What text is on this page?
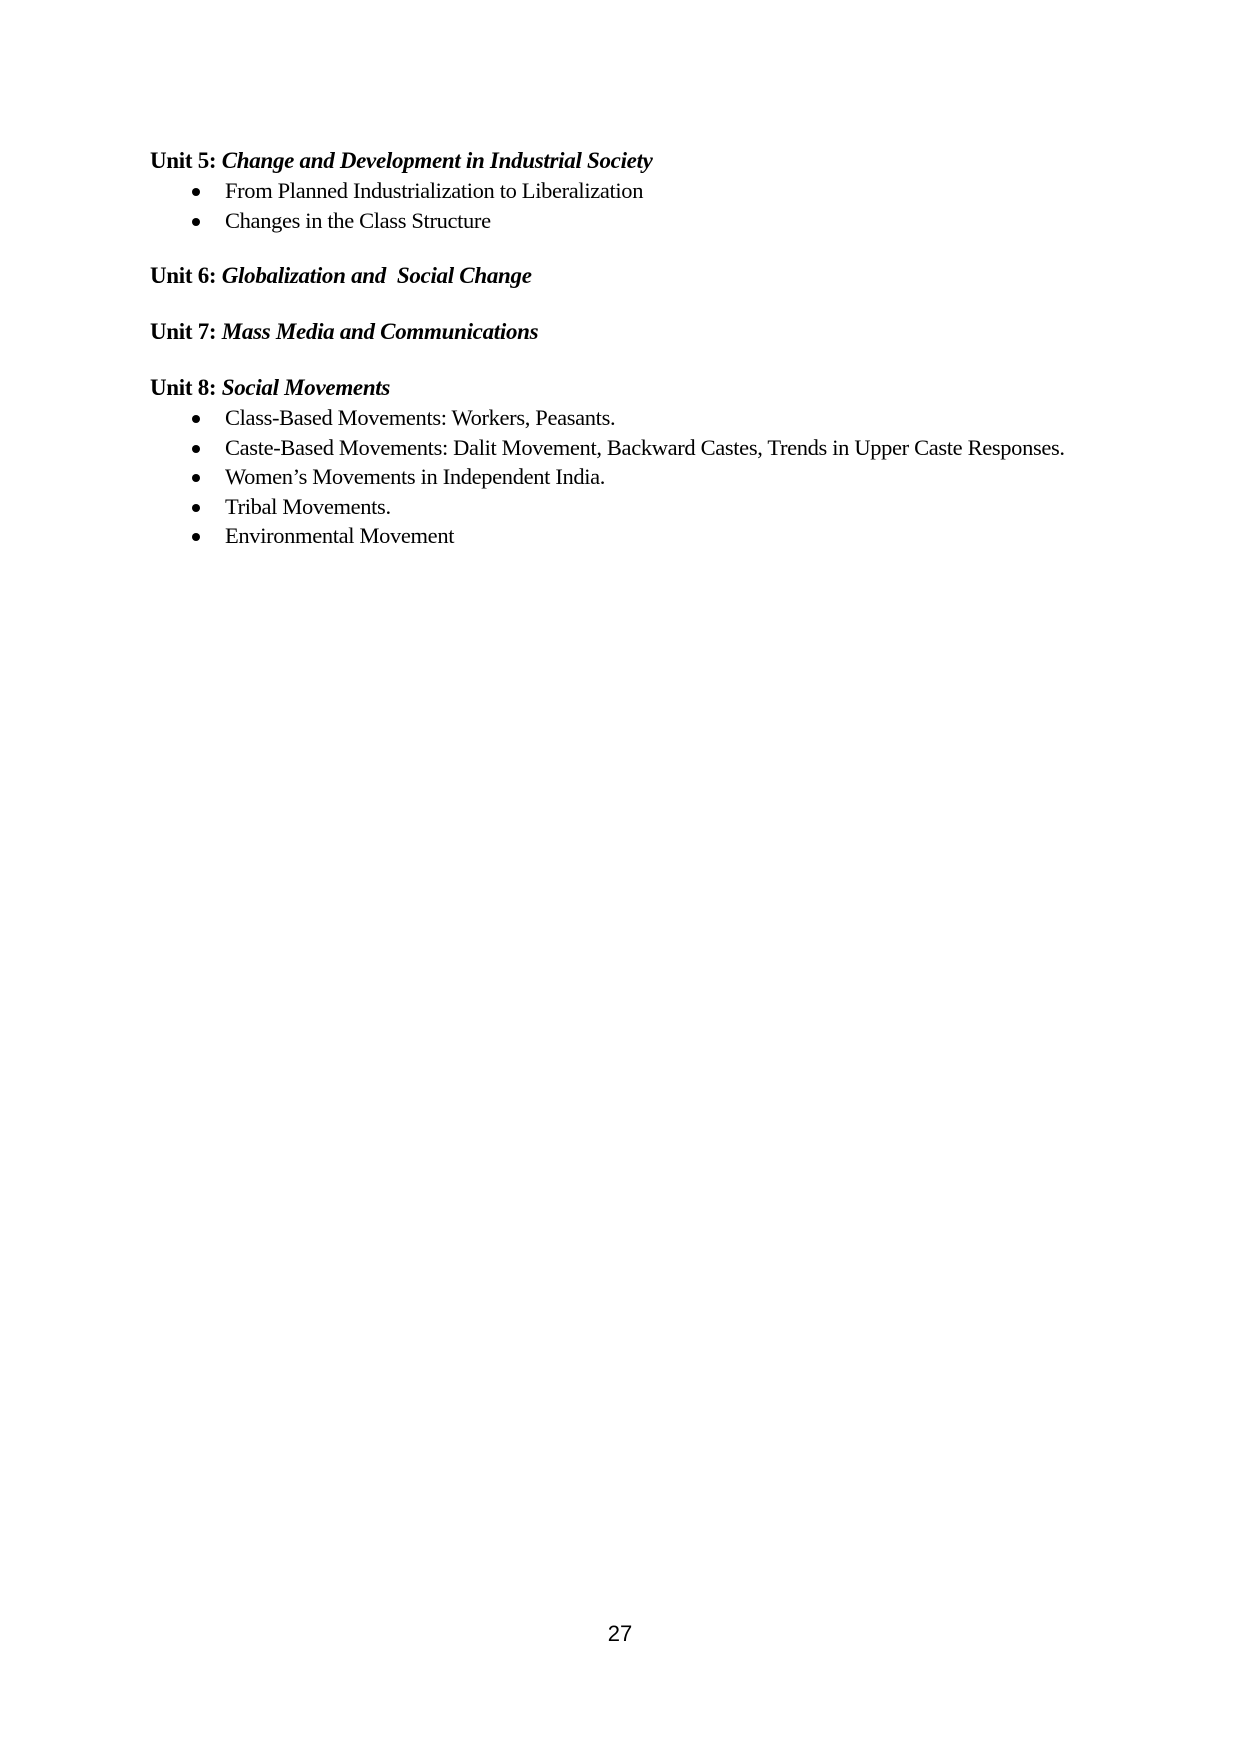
Unit 5: Change and Development in Industrial Society

From Planned Industrialization to Liberalization
Changes in the Class Structure

Unit 6: Globalization and  Social Change

Unit 7: Mass Media and Communications

Unit 8: Social Movements

Class-Based Movements: Workers, Peasants.
Caste-Based Movements: Dalit Movement, Backward Castes, Trends in Upper Caste Responses.
Women’s Movements in Independent India.
Tribal Movements.
Environmental Movement
27
